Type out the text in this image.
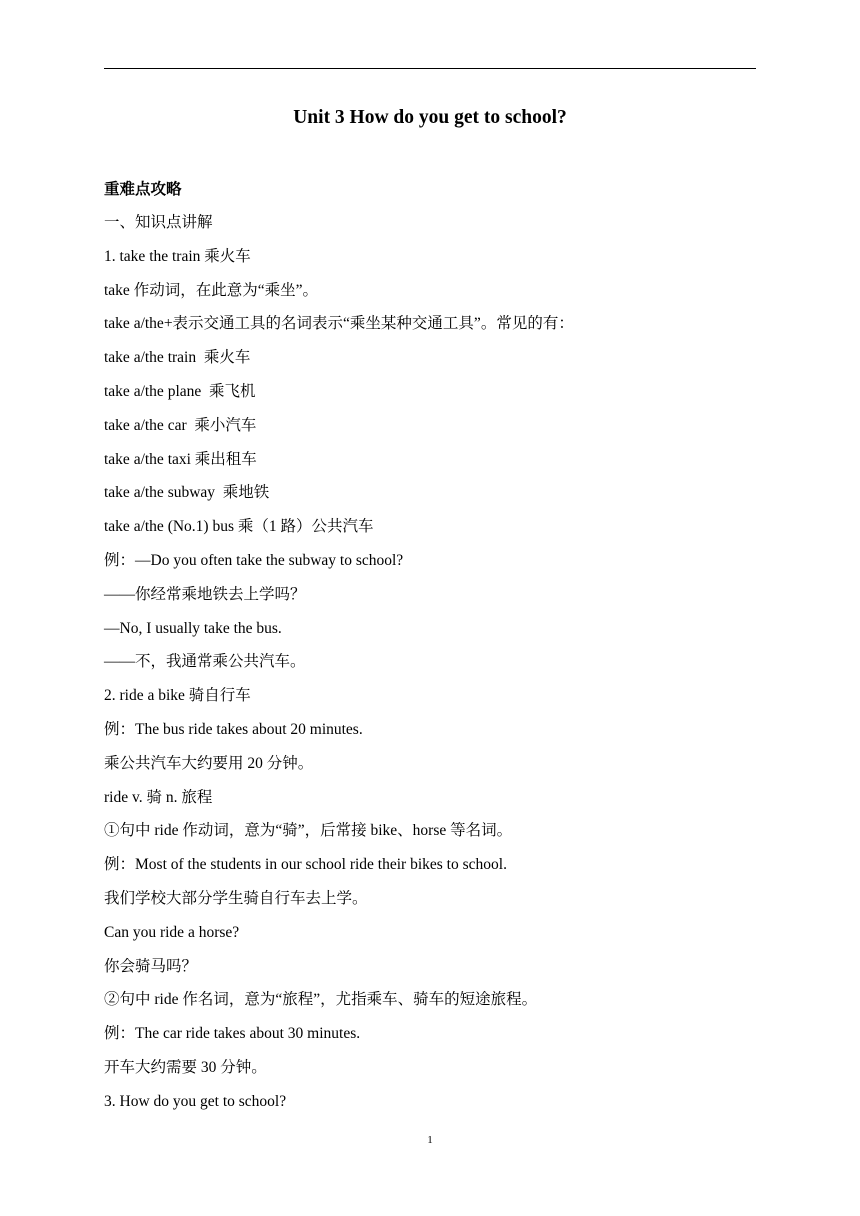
Unit 3 How do you get to school?
重难点攻略
一、知识点讲解
1. take the train 乘火车
take 作动词，在此意为“乘坐”。
take a/the+表示交通工具的名词表示“乘坐某种交通工具”。常见的有：
take a/the train  乘火车
take a/the plane  乘飞机
take a/the car  乘小汽车
take a/the taxi 乘出租车
take a/the subway  乘地铁
take a/the (No.1) bus 乘（1 路）公共汽车
例：—Do you often take the subway to school?
——你经常乘地铁去上学吗？
—No, I usually take the bus.
——不，我通常乘公共汽车。
2. ride a bike 骑自行车
例：The bus ride takes about 20 minutes.
乘公共汽车大约要用 20 分钟。
ride v. 骑 n. 旅程
①句中 ride 作动词，意为“骑”，后常接 bike、horse 等名词。
例：Most of the students in our school ride their bikes to school.
我们学校大部分学生骑自行车去上学。
Can you ride a horse?
你会骑马吗？
②句中 ride 作名词，意为“旅程”，尤指乘车、骑车的短途旅程。
例：The car ride takes about 30 minutes.
开车大约需要 30 分钟。
3. How do you get to school?
1
